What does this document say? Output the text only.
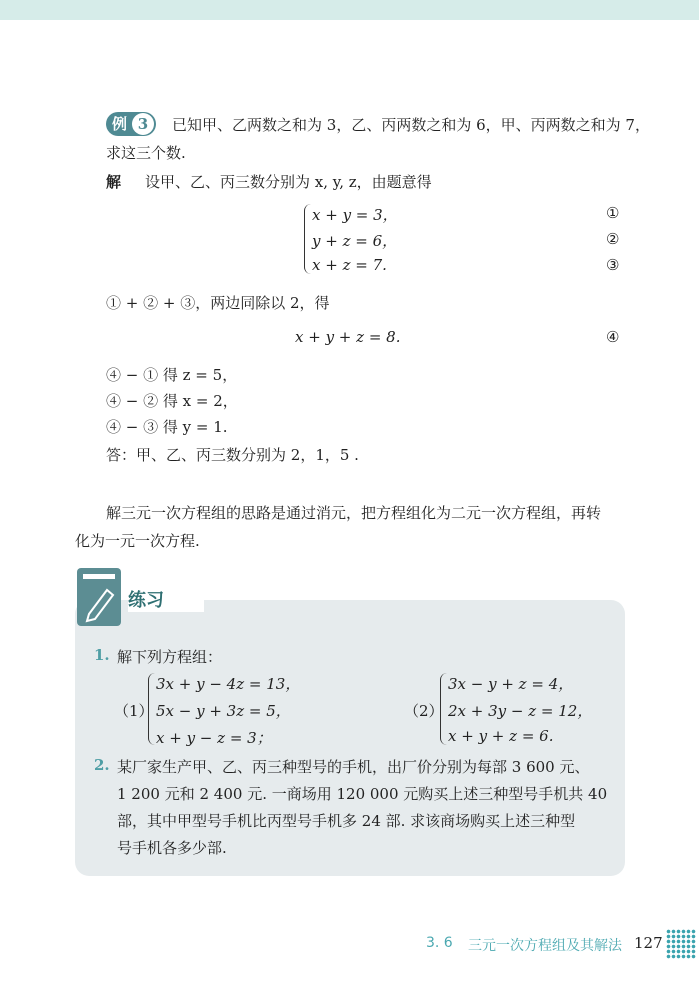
例 3	已知甲、乙两数之和为 3，乙、丙两数之和为 6，甲、丙两数之和为 7，
求这三个数.
解 设甲、乙、丙三数分别为 x, y, z，由题意得
x + y = 3，
y + z = 6，
x + z = 7.
①
②
③
① + ② + ③，两边同除以 2，得
x + y + z = 8.	④
④ − ① 得 z = 5，
④ − ② 得 x = 2，
④ − ③ 得 y = 1.
答：甲、乙、丙三数分别为 2，1，5 .
解三元一次方程组的思路是通过消元，把方程组化为二元一次方程组，再转
化为一元一次方程.
练习
1. 解下列方程组：
（1）
3x + y − 4z = 13，
5x − y + 3z = 5，
x + y − z = 3；
（2）
3x − y + z = 4，
2x + 3y − z = 12，
x + y + z = 6.
2. 某厂家生产甲、乙、丙三种型号的手机，出厂价分别为每部 3 600 元、
1 200 元和 2 400 元. 一商场用 120 000 元购买上述三种型号手机共 40
部，其中甲型号手机比丙型号手机多 24 部. 求该商场购买上述三种型
号手机各多少部.
3. 6 三元一次方程组及其解法 127
